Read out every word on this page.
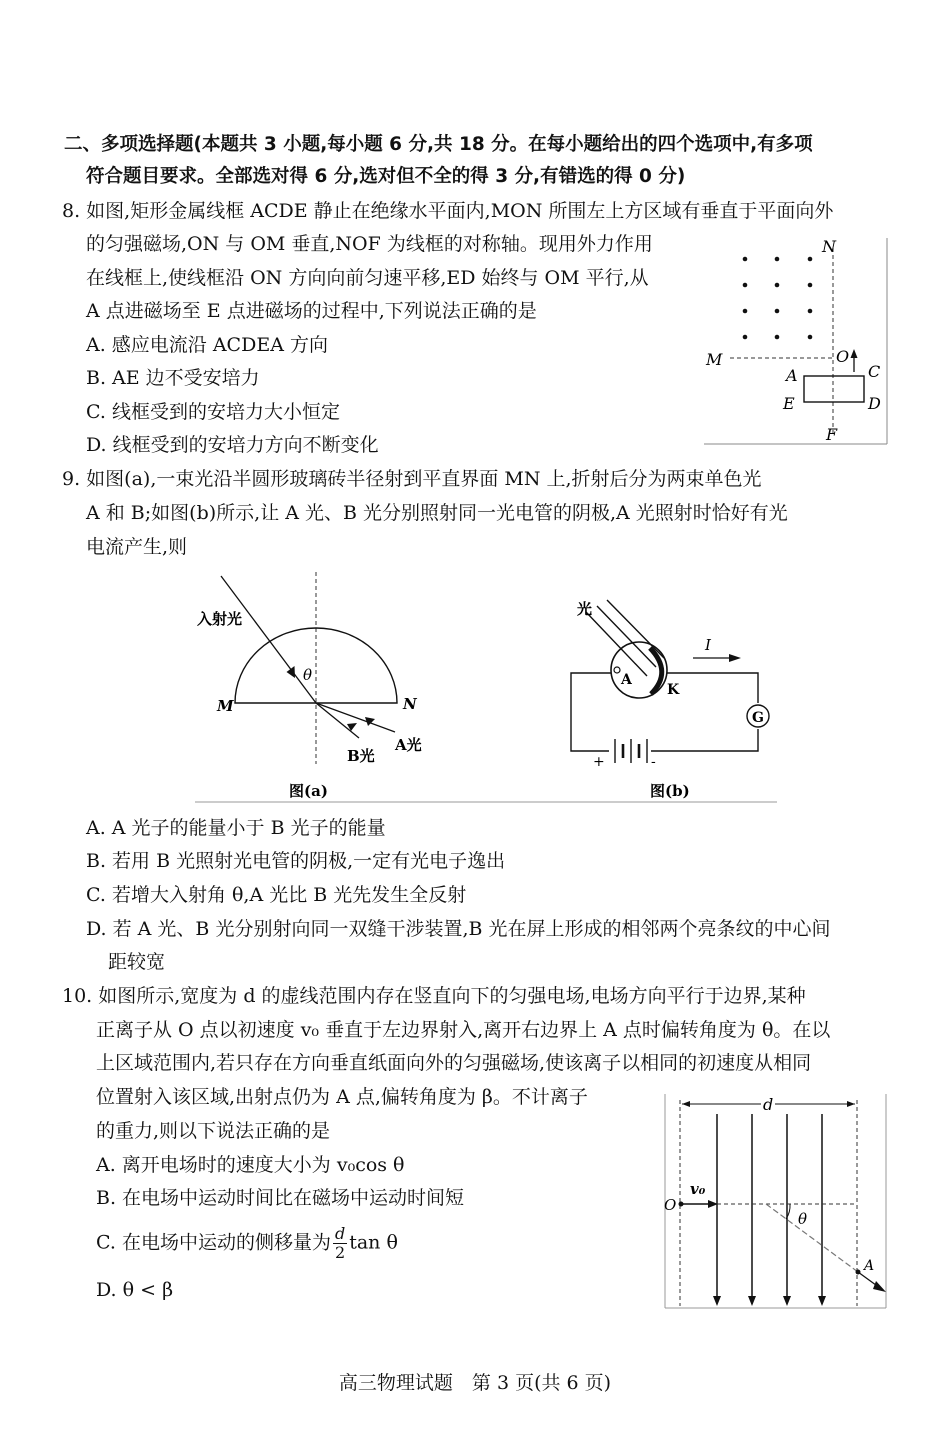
二、多项选择题(本题共 3 小题,每小题 6 分,共 18 分。在每小题给出的四个选项中,有多项
符合题目要求。全部选对得 6 分,选对但不全的得 3 分,有错选的得 0 分)
8. 如图,矩形金属线框 ACDE 静止在绝缘水平面内,MON 所围左上方区域有垂直于平面向外
的匀强磁场,ON 与 OM 垂直,NOF 为线框的对称轴。现用外力作用
在线框上,使线框沿 ON 方向向前匀速平移,ED 始终与 OM 平行,从
A 点进磁场至 E 点进磁场的过程中,下列说法正确的是
A. 感应电流沿 ACDEA 方向
B. AE 边不受安培力
C. 线框受到的安培力大小恒定
D. 线框受到的安培力方向不断变化
N
M	O
A	C
E	D
F
9. 如图(a),一束光沿半圆形玻璃砖半径射到平直界面 MN 上,折射后分为两束单色光
A 和 B;如图(b)所示,让 A 光、B 光分别照射同一光电管的阴极,A 光照射时恰好有光
电流产生,则
入射光
θ
M	N
B光
A光
图(a)
G
+	-
光
I
A
K
图(b)
A. A 光子的能量小于 B 光子的能量
B. 若用 B 光照射光电管的阴极,一定有光电子逸出
C. 若增大入射角 θ,A 光比 B 光先发生全反射
D. 若 A 光、B 光分别射向同一双缝干涉装置,B 光在屏上形成的相邻两个亮条纹的中心间
距较宽
10. 如图所示,宽度为 d 的虚线范围内存在竖直向下的匀强电场,电场方向平行于边界,某种
正离子从 O 点以初速度 v₀ 垂直于左边界射入,离开右边界上 A 点时偏转角度为 θ。在以
上区域范围内,若只存在方向垂直纸面向外的匀强磁场,使该离子以相同的初速度从相同
位置射入该区域,出射点仍为 A 点,偏转角度为 β。不计离子
的重力,则以下说法正确的是
A. 离开电场时的速度大小为 v₀cos θ
B. 在电场中运动时间比在磁场中运动时间短
C. 在电场中运动的侧移量为 $\frac{d}{2}$ tan θ
D. θ < β
d
O
v₀
θ
A
高三物理试题　第 3 页(共 6 页)
